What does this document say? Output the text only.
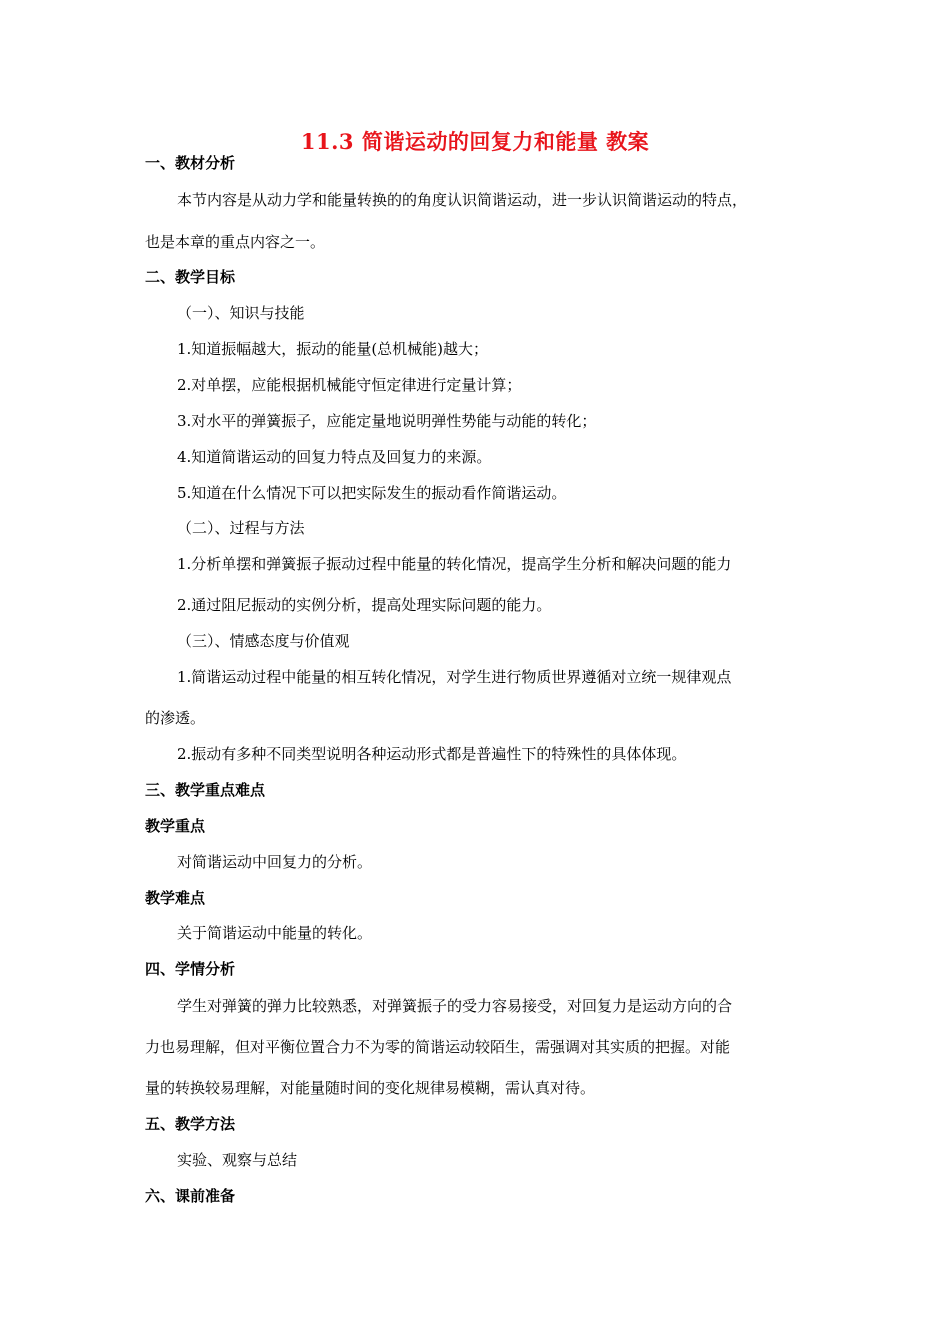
11.3 简谐运动的回复力和能量 教案
一、教材分析
本节内容是从动力学和能量转换的的角度认识简谐运动，进一步认识简谐运动的特点，
也是本章的重点内容之一。
二、教学目标
（一）、知识与技能
1.知道振幅越大，振动的能量(总机械能)越大；
2.对单摆，应能根据机械能守恒定律进行定量计算；
3.对水平的弹簧振子，应能定量地说明弹性势能与动能的转化；
4.知道简谐运动的回复力特点及回复力的来源。
5.知道在什么情况下可以把实际发生的振动看作简谐运动。
（二）、过程与方法
1.分析单摆和弹簧振子振动过程中能量的转化情况，提高学生分析和解决问题的能力
2.通过阻尼振动的实例分析，提高处理实际问题的能力。
（三）、情感态度与价值观
1.简谐运动过程中能量的相互转化情况，对学生进行物质世界遵循对立统一规律观点
的渗透。
2.振动有多种不同类型说明各种运动形式都是普遍性下的特殊性的具体体现。
三、教学重点难点
教学重点
对简谐运动中回复力的分析。
教学难点
关于简谐运动中能量的转化。
四、学情分析
学生对弹簧的弹力比较熟悉，对弹簧振子的受力容易接受，对回复力是运动方向的合
力也易理解，但对平衡位置合力不为零的简谐运动较陌生，需强调对其实质的把握。对能
量的转换较易理解，对能量随时间的变化规律易模糊，需认真对待。
五、教学方法
实验、观察与总结
六、课前准备
